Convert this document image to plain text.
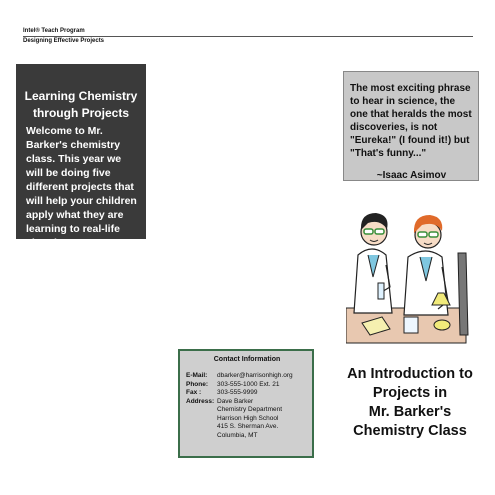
Intel® Teach Program
Designing Effective Projects
Learning Chemistry
through Projects
Welcome to Mr. Barker's chemistry class. This year we will be doing five different projects that will help your children apply what they are learning to real-life situations.
The most exciting phrase to hear in science, the one that heralds the most discoveries, is not "Eureka!" (I found it!) but "That's funny..."
~Isaac Asimov
An Introduction to
Projects in
Mr. Barker's
Chemistry Class
Contact Information
E-Mail:	dbarker@harrisonhigh.org
Phone:	303-555-1000 Ext. 21
Fax :	303-555-9999
Address: Dave Barker
Chemistry Department
Harrison High School
415 S. Sherman Ave.
Columbia, MT
